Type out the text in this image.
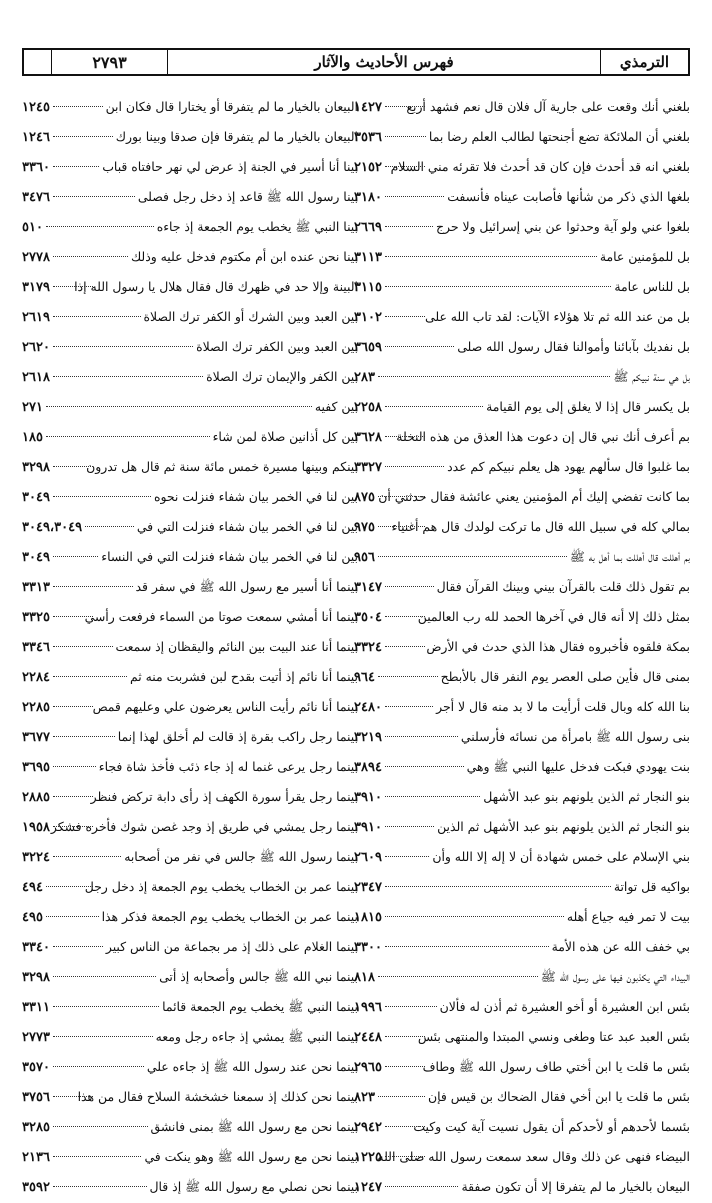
الترمذي
فهرس الأحاديث والآثار
٢٧٩٣
بلغني أنك وقعت على جارية آل فلان قال نعم فشهد أربع
١٤٢٧
بلغني أن الملائكة تضع أجنحتها لطالب العلم رضا بما
٣٥٣٦
بلغني انه قد أحدث فإن كان قد أحدث فلا تقرئه مني السلام
٢١٥٢
بلغها الذي ذكر من شأنها فأصابت عيناه فأنسفت
٣١٨٠
بلغوا عني ولو آية وحدثوا عن بني إسرائيل ولا حرج
٢٦٦٩
بل للمؤمنين عامة
٣١١٣
بل للناس عامة
٣١١٥
بل من عند الله ثم تلا هؤلاء الآيات: لقد تاب الله على
٣١٠٢
بل نفديك بآبائنا وأموالنا فقال رسول الله صلى
٣٦٥٩
بل هي سنة نبيكم ﷺ
٢٨٣
بل يكسر قال إذا لا يغلق إلى يوم القيامة
٢٢٥٨
بم أعرف أنك نبي قال إن دعوت هذا العذق من هذه النخلة
٣٦٢٨
بما غلبوا قال سألهم يهود هل يعلم نبيكم كم عدد
٣٣٢٧
بما كانت تفضي إليك أم المؤمنين يعني عائشة فقال حدثني أن
٨٧٥
بمالي كله في سبيل الله قال ما تركت لولدك قال هم أغنياء
٩٧٥
بم أهللت قال أهللت بما أهل به ﷺ
٩٥٦
بم تقول ذلك قلت بالقرآن بيني وبينك القرآن فقال
٣١٤٧
بمثل ذلك إلا أنه قال في آخرها الحمد لله رب العالمين
٣٥٠٤
بمكة فلقوه فأخبروه فقال هذا الذي حدث في الأرض
٣٣٢٤
بمنى قال فأين صلى العصر يوم النفر قال بالأبطح
٩٦٤
بنا الله كله وبال قلت أرأيت ما لا بد منه قال لا أجر
٢٤٨٠
بنى رسول الله ﷺ بامرأة من نسائه فأرسلني
٣٢١٩
بنت يهودي فبكت فدخل عليها النبي ﷺ وهي
٣٨٩٤
بنو النجار ثم الذين يلونهم بنو عبد الأشهل
٣٩١٠
بنو النجار ثم الذين يلونهم بنو عبد الأشهل ثم الذين
٣٩١٠
بني الإسلام على خمس شهادة أن لا إله إلا الله وأن
٢٦٠٩
بواكيه قل تواتة
٢٣٤٧
بيت لا تمر فيه جياع أهله
١٨١٥
بي خفف الله عن هذه الأمة
٣٣٠٠
البيداء التي يكذبون فيها على رسول الله ﷺ
٨١٨
بئس ابن العشيرة أو أخو العشيرة ثم أذن له فألان
١٩٩٦
بئس العبد عبد عتا وطغى ونسي المبتدا والمنتهى بئس
٢٤٤٨
بئس ما قلت يا ابن أختي طاف رسول الله ﷺ وطاف
٢٩٦٥
بئس ما قلت يا ابن أخي فقال الضحاك بن قيس فإن
٨٢٣
بئسما لأحدهم أو لأحدكم أن يقول نسيت آية كيت وكيت
٢٩٤٢
البيضاء فنهى عن ذلك وقال سعد سمعت رسول الله صلى الله
١٢٢٥
البيعان بالخيار ما لم يتفرقا إلا أن تكون صفقة
١٢٤٧
البيعان بالخيار ما لم يتفرقا أو يختارا قال فكان ابن
١٢٤٥
البيعان بالخيار ما لم يتفرقا فإن صدقا وبينا بورك
١٢٤٦
بينا أنا أسير في الجنة إذ عرض لي نهر حافتاه قباب
٣٣٦٠
بينا رسول الله ﷺ قاعد إذ دخل رجل فصلى
٣٤٧٦
بينا النبي ﷺ يخطب يوم الجمعة إذ جاءه
٥١٠
بينا نحن عنده ابن أم مكتوم فدخل عليه وذلك
٢٧٧٨
البينة وإلا حد في ظهرك قال فقال هلال يا رسول الله إذا
٣١٧٩
بين العبد وبين الشرك أو الكفر ترك الصلاة
٢٦١٩
بين العبد وبين الكفر ترك الصلاة
٢٦٢٠
بين الكفر والإيمان ترك الصلاة
٢٦١٨
بين كفيه
٢٧١
بين كل أذانين صلاة لمن شاء
١٨٥
بينكم وبينها مسيرة خمس مائة سنة ثم قال هل تدرون
٣٢٩٨
بين لنا في الخمر بيان شفاء فنزلت نحوه
٣٠٤٩
بين لنا في الخمر بيان شفاء فنزلت التي في
٣٠٤٩،٣٠٤٩
بين لنا في الخمر بيان شفاء فنزلت التي في النساء
٣٠٤٩
بينما أنا أسير مع رسول الله ﷺ في سفر قد
٣٣١٣
بينما أنا أمشي سمعت صوتا من السماء فرفعت رأسي
٣٣٢٥
بينما أنا عند البيت بين النائم واليقظان إذ سمعت
٣٣٤٦
بينما أنا نائم إذ أتيت بقدح لبن فشربت منه ثم
٢٢٨٤
بينما أنا نائم رأيت الناس يعرضون علي وعليهم قمص
٢٢٨٥
بينما رجل راكب بقرة إذ قالت لم أخلق لهذا إنما
٣٦٧٧
بينما رجل يرعى غنما له إذ جاء ذئب فأخذ شاة فجاء
٣٦٩٥
بينما رجل يقرأ سورة الكهف إذ رأى دابة تركض فنظر
٢٨٨٥
بينما رجل يمشي في طريق إذ وجد غصن شوك فأخره فشكر
١٩٥٨
بينما رسول الله ﷺ جالس في نفر من أصحابه
٣٢٢٤
بينما عمر بن الخطاب يخطب يوم الجمعة إذ دخل رجل
٤٩٤
بينما عمر بن الخطاب يخطب يوم الجمعة فذكر هذا
٤٩٥
بينما الغلام على ذلك إذ مر بجماعة من الناس كبير
٣٣٤٠
بينما نبي الله ﷺ جالس وأصحابه إذ أتى
٣٢٩٨
بينما النبي ﷺ يخطب يوم الجمعة قائما
٣٣١١
بينما النبي ﷺ يمشي إذ جاءه رجل ومعه
٢٧٧٣
بينما نحن عند رسول الله ﷺ إذ جاءه علي
٣٥٧٠
بينما نحن كذلك إذ سمعنا خشخشة السلاح فقال من هذا
٣٧٥٦
بينما نحن مع رسول الله ﷺ بمنى فانشق
٣٢٨٥
بينما نحن مع رسول الله ﷺ وهو ينكت في
٢١٣٦
بينما نحن نصلي مع رسول الله ﷺ إذ قال
٣٥٩٢
